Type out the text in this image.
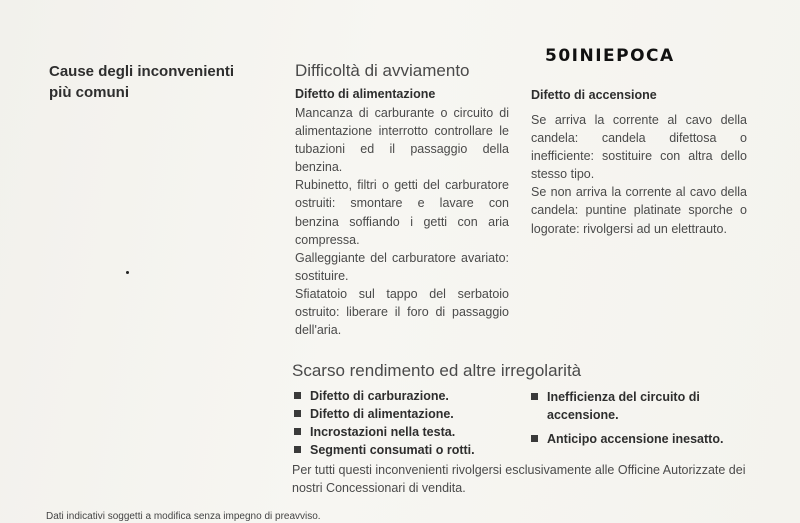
Cause degli inconvenienti
più comuni
50INIEPOCA
Difficoltà di avviamento
Difetto di alimentazione

Mancanza di carburante o circuito di alimentazione interrotto controllare le tubazioni ed il passaggio della benzina.

Rubinetto, filtri o getti del carburatore ostruiti: smontare e lavare con benzina soffiando i getti con aria compressa.

Galleggiante del carburatore avariato: sostituire.

Sfiatatoio sul tappo del serbatoio ostruito: liberare il foro di passaggio dell'aria.

Difetto di accensione

Se arriva la corrente al cavo della candela: candela difettosa o inefficiente: sostituire con altra dello stesso tipo.

Se non arriva la corrente al cavo della candela: puntine platinate sporche o logorate: rivolgersi ad un elettrauto.

Scarso rendimento ed altre irregolarità
Difetto di carburazione.
Difetto di alimentazione.
Incrostazioni nella testa.
Segmenti consumati o rotti.
Inefficienza del circuito di accensione.
Anticipo accensione inesatto.
Per tutti questi inconvenienti rivolgersi esclusivamente alle Officine Autorizzate dei nostri Concessionari di vendita.
Dati indicativi soggetti a modifica senza impegno di preavviso.
